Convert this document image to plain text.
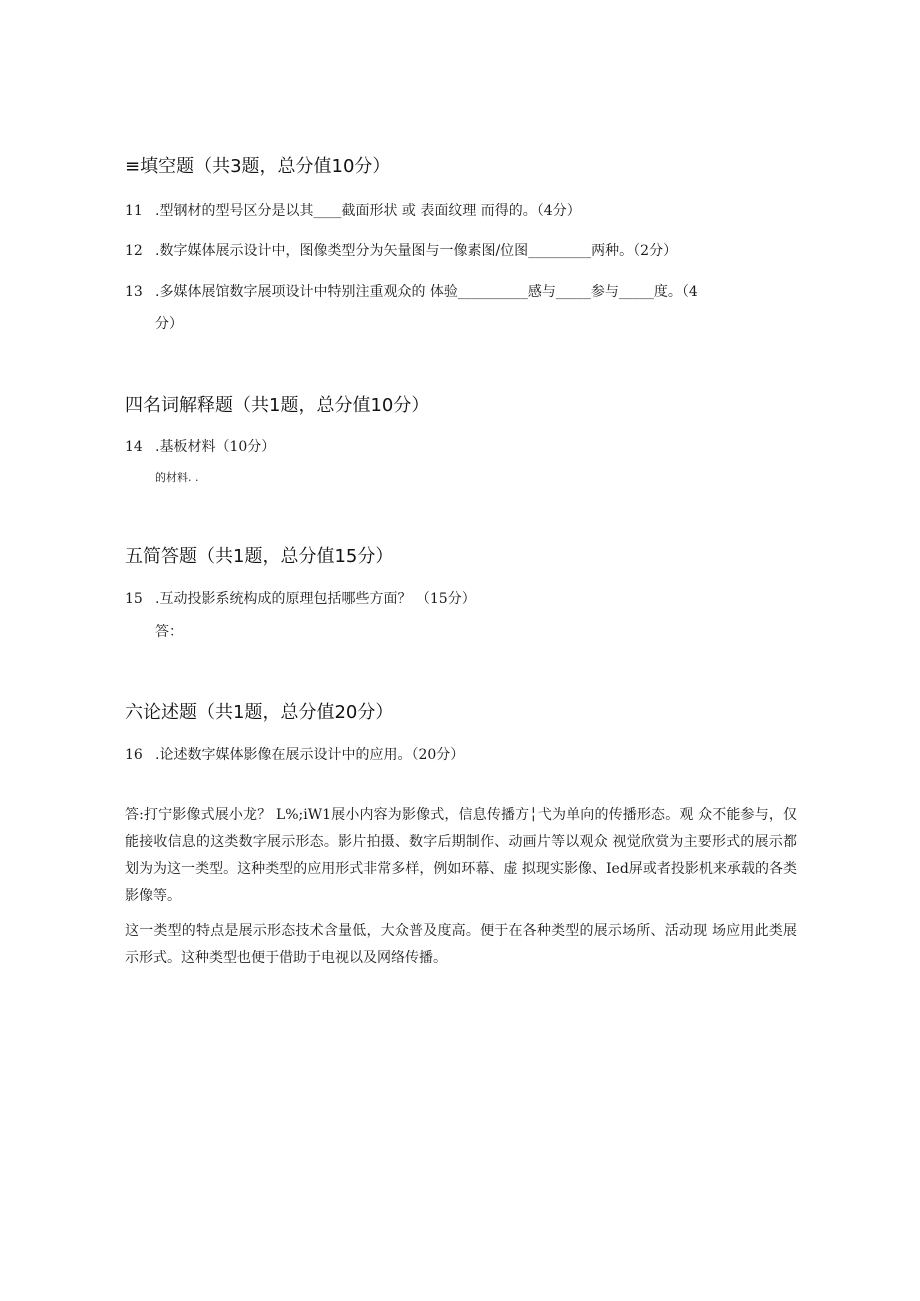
≡填空题（共3题，总分值10分）
11 .型钢材的型号区分是以其____截面形状 或 表面纹理 而得的。（4分）
12 .数字媒体展示设计中，图像类型分为矢量图与一像素图/位图_________两种。（2分）
13 .多媒体展馆数字展项设计中特别注重观众的 体验__________感与_____参与_____度。（4
分）
四名词解释题（共1题，总分值10分）
14 .基板材料（10分）
的材料. .
五简答题（共1题，总分值15分）
15 .互动投影系统构成的原理包括哪些方面？ （15分）
答：
六论述题（共1题，总分值20分）
16 .论述数字媒体影像在展示设计中的应用。（20分）
答:打宁影像式展小龙？ L%;iW1展小内容为影像式，信息传播方╎弋为单向的传播形态。观 众不能参与，仅能接收信息的这类数字展示形态。影片拍摄、数字后期制作、动画片等以观众 视觉欣赏为主要形式的展示都划为为这一类型。这种类型的应用形式非常多样，例如环幕、虚 拟现实影像、Ied屏或者投影机来承载的各类影像等。
这一类型的特点是展示形态技术含量低，大众普及度高。便于在各种类型的展示场所、活动现 场应用此类展示形式。这种类型也便于借助于电视以及网络传播。
